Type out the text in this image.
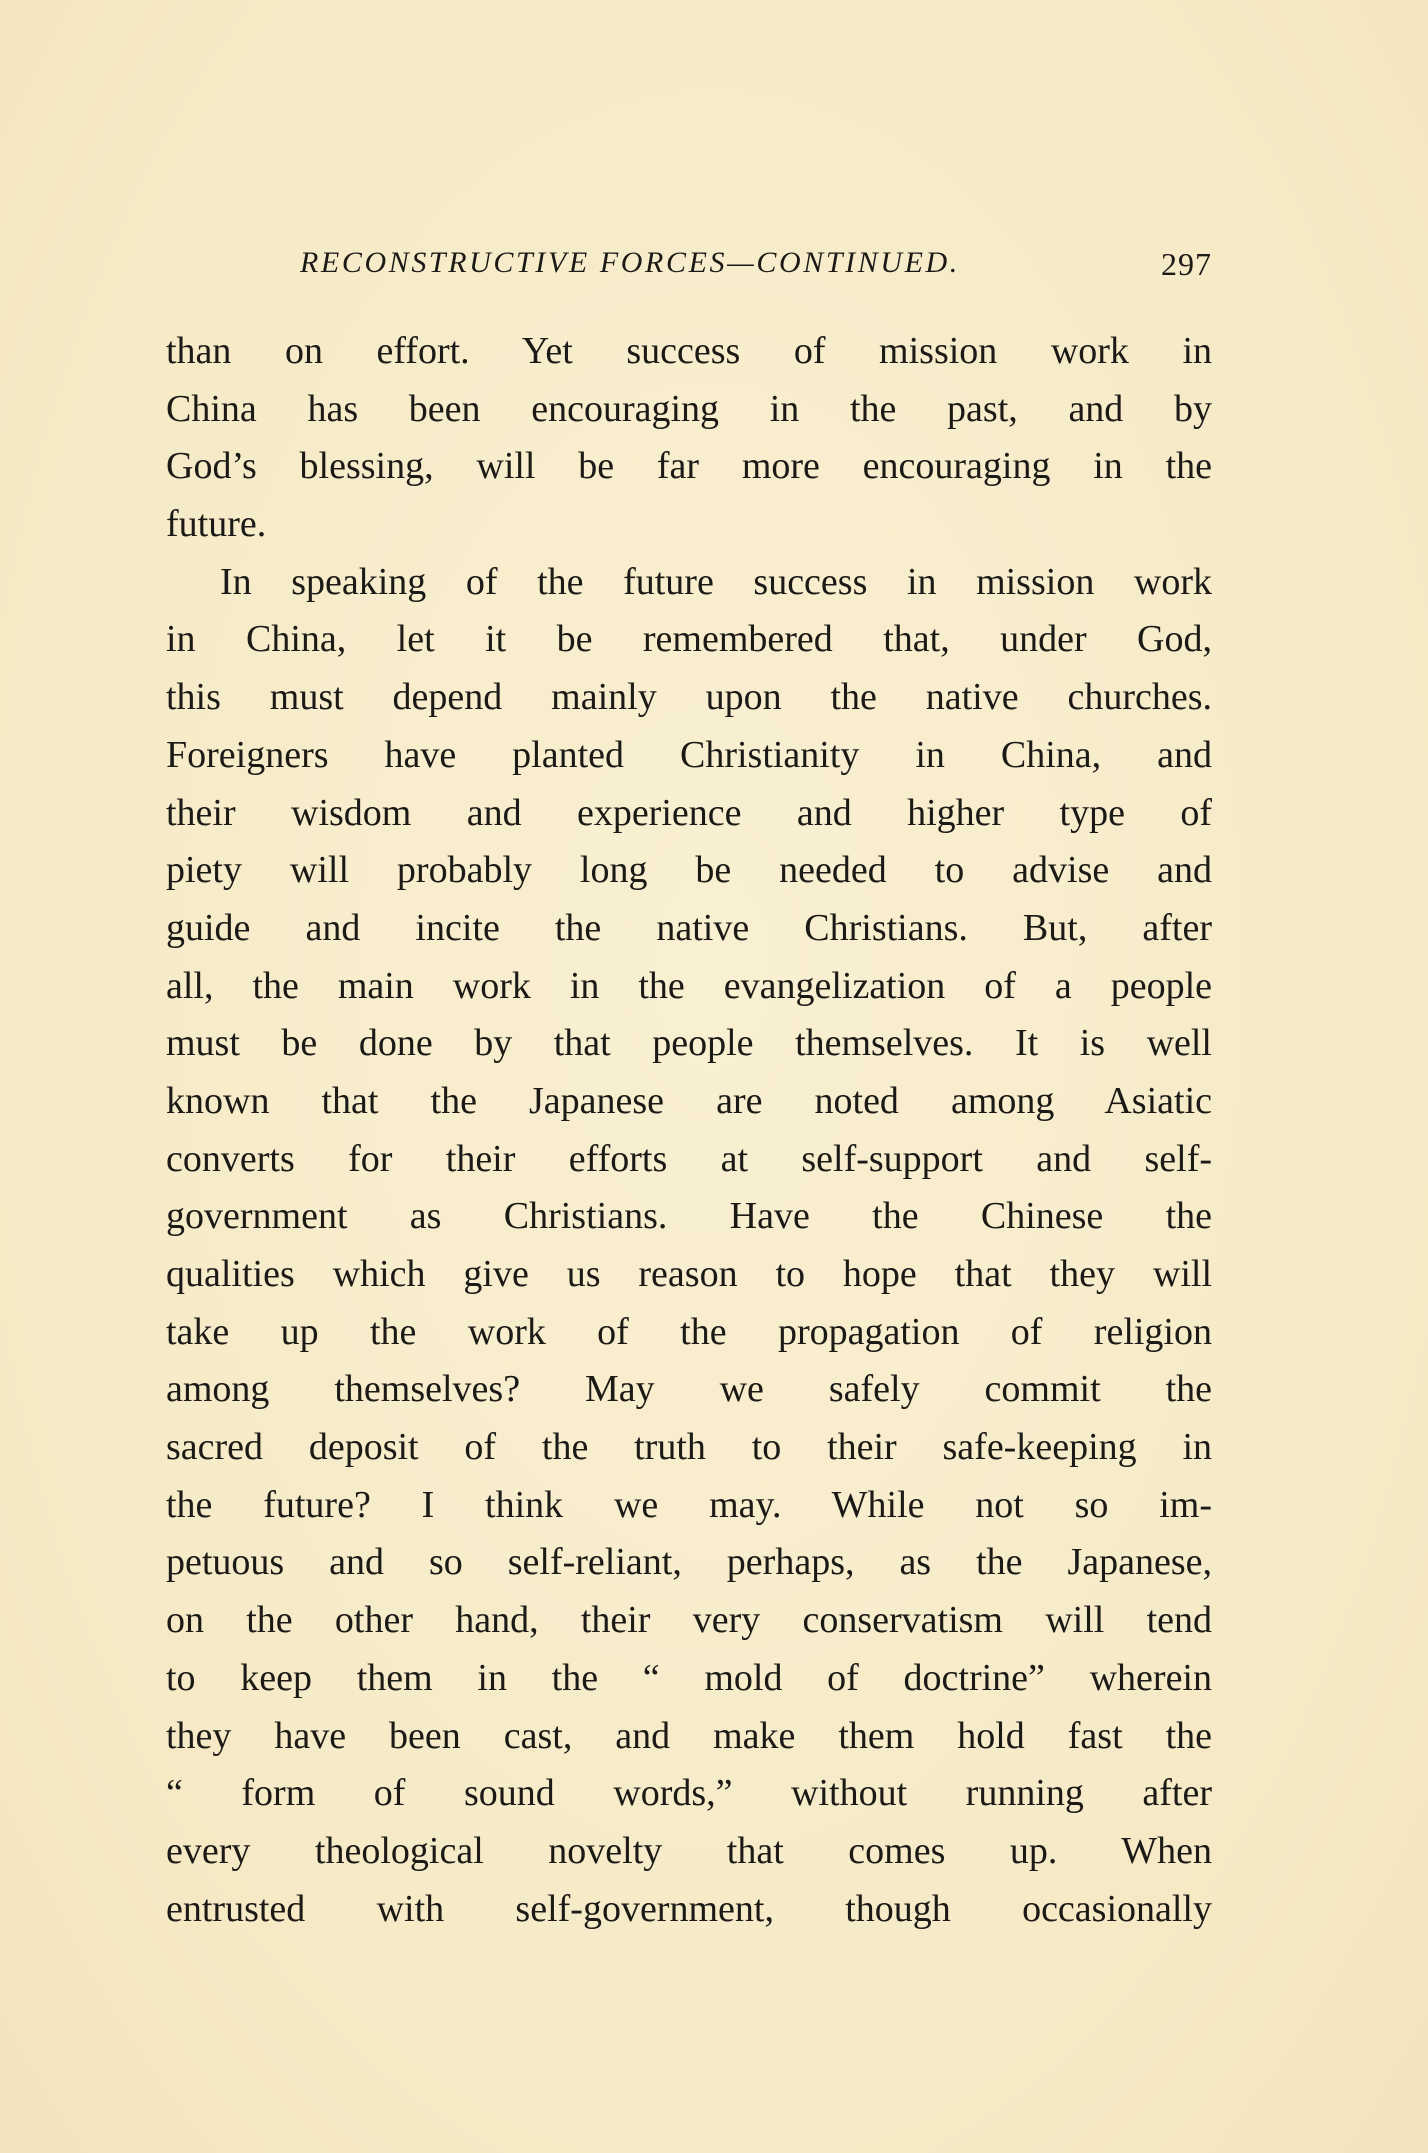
RECONSTRUCTIVE FORCES—CONTINUED.	297
than on effort. Yet success of mission work in
China has been encouraging in the past, and by
God’s blessing, will be far more encouraging in the
future.
In speaking of the future success in mission work
in China, let it be remembered that, under God,
this must depend mainly upon the native churches.
Foreigners have planted Christianity in China, and
their wisdom and experience and higher type of
piety will probably long be needed to advise and
guide and incite the native Christians. But, after
all, the main work in the evangelization of a people
must be done by that people themselves. It is well
known that the Japanese are noted among Asiatic
converts for their efforts at self-support and self-
government as Christians. Have the Chinese the
qualities which give us reason to hope that they will
take up the work of the propagation of religion
among themselves? May we safely commit the
sacred deposit of the truth to their safe-keeping in
the future? I think we may. While not so im-
petuous and so self-reliant, perhaps, as the Japanese,
on the other hand, their very conservatism will tend
to keep them in the “ mold of doctrine” wherein
they have been cast, and make them hold fast the
“ form of sound words,” without running after
every theological novelty that comes up. When
entrusted with self-government, though occasionally
